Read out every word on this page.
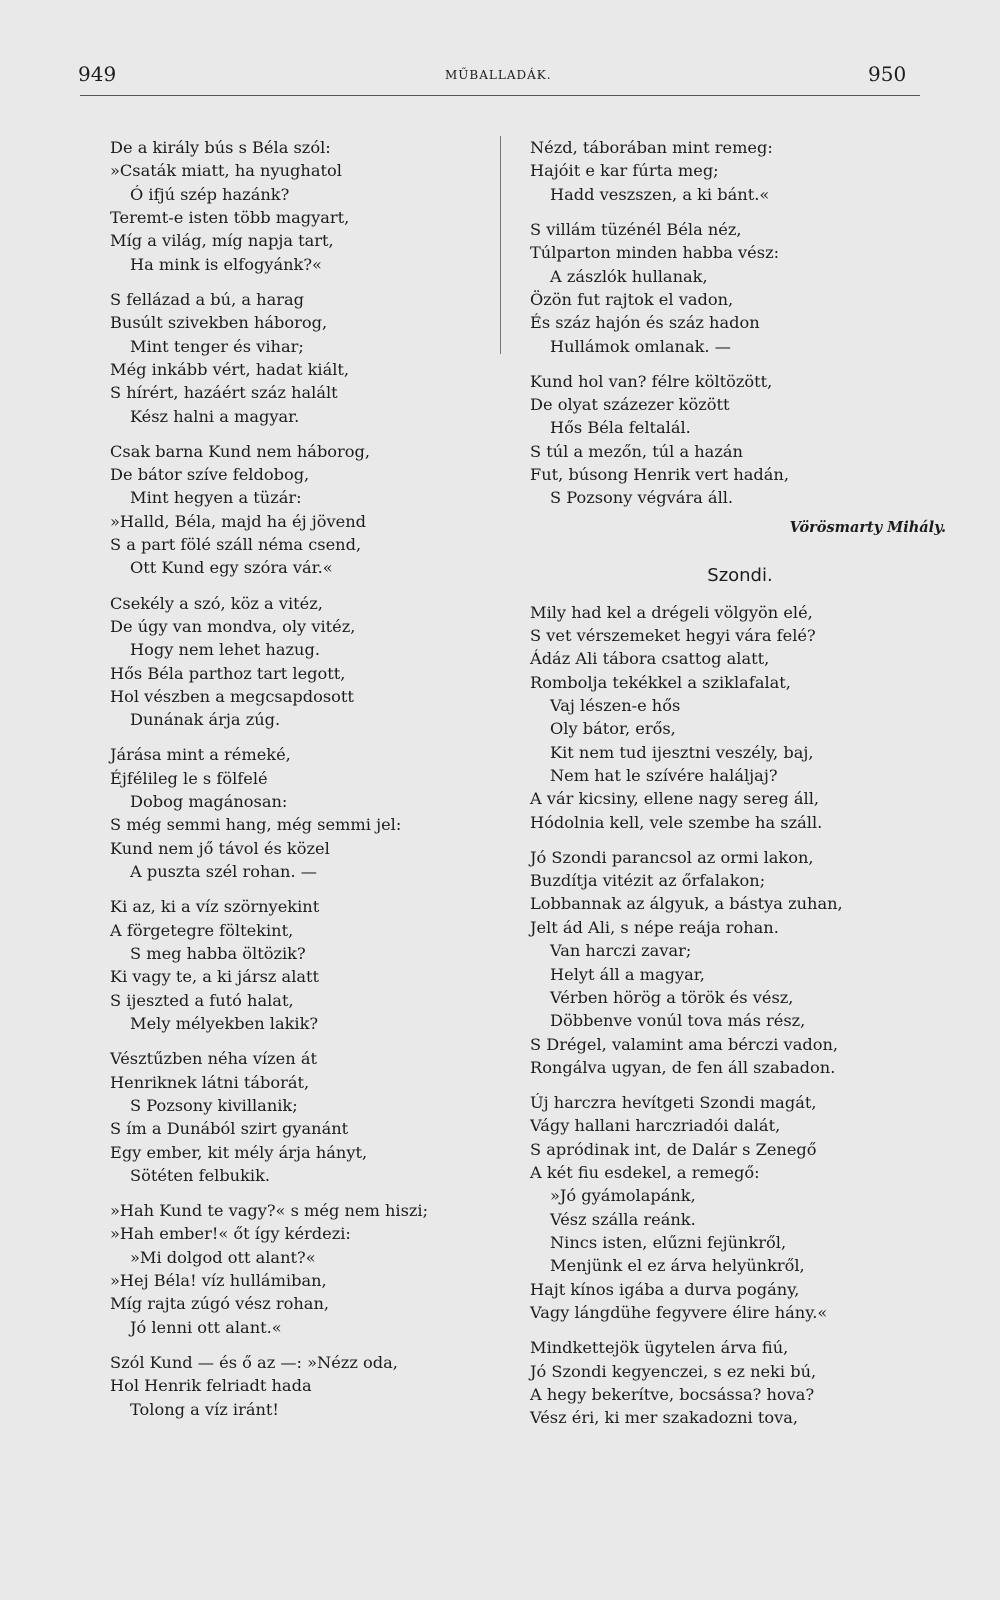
949	MŰBALLADÁK.	950
De a király bús s Béla szól:
»Csaták miatt, ha nyughatol
Ó ifjú szép hazánk?
Teremt-e isten több magyart,
Míg a világ, míg napja tart,
Ha mink is elfogyánk?«
S fellázad a bú, a harag
Busúlt szivekben háborog,
Mint tenger és vihar;
Még inkább vért, hadat kiált,
S hírért, hazáért száz halált
Kész halni a magyar.
Csak barna Kund nem háborog,
De bátor szíve feldobog,
Mint hegyen a tüzár:
»Halld, Béla, majd ha éj jövend
S a part fölé száll néma csend,
Ott Kund egy szóra vár.«
Csekély a szó, köz a vitéz,
De úgy van mondva, oly vitéz,
Hogy nem lehet hazug.
Hős Béla parthoz tart legott,
Hol vészben a megcsapdosott
Dunának árja zúg.
Járása mint a rémeké,
Éjfélileg le s fölfelé
Dobog magánosan:
S még semmi hang, még semmi jel:
Kund nem jő távol és közel
A puszta szél rohan. —
Ki az, ki a víz szörnyekint
A förgetegre föltekint,
S meg habba öltözik?
Ki vagy te, a ki jársz alatt
S ijeszted a futó halat,
Mely mélyekben lakik?
Vésztűzben néha vízen át
Henriknek látni táborát,
S Pozsony kivillanik;
S ím a Dunából szirt gyanánt
Egy ember, kit mély árja hányt,
Sötéten felbukik.
»Hah Kund te vagy?« s még nem hiszi;
»Hah ember!« őt így kérdezi:
»Mi dolgod ott alant?«
»Hej Béla! víz hullámiban,
Míg rajta zúgó vész rohan,
Jó lenni ott alant.«
Szól Kund — és ő az —: »Nézz oda,
Hol Henrik felriadt hada
Tolong a víz iránt!
Nézd, táborában mint remeg:
Hajóit e kar fúrta meg;
Hadd veszszen, a ki bánt.«
S villám tüzénél Béla néz,
Túlparton minden habba vész:
A zászlók hullanak,
Özön fut rajtok el vadon,
És száz hajón és száz hadon
Hullámok omlanak. —
Kund hol van? félre költözött,
De olyat százezer között
Hős Béla feltalál.
S túl a mezőn, túl a hazán
Fut, búsong Henrik vert hadán,
S Pozsony végvára áll.
Vörösmarty Mihály.
Szondi.
Mily had kel a drégeli völgyön elé,
S vet vérszemeket hegyi vára felé?
Ádáz Ali tábora csattog alatt,
Rombolja tekékkel a sziklafalat,
Vaj lészen-e hős
Oly bátor, erős,
Kit nem tud ijesztni veszély, baj,
Nem hat le szívére haláljaj?
A vár kicsiny, ellene nagy sereg áll,
Hódolnia kell, vele szembe ha száll.
Jó Szondi parancsol az ormi lakon,
Buzdítja vitézit az őrfalakon;
Lobbannak az álgyuk, a bástya zuhan,
Jelt ád Ali, s népe reája rohan.
Van harczi zavar;
Helyt áll a magyar,
Vérben hörög a török és vész,
Döbbenve vonúl tova más rész,
S Drégel, valamint ama bérczi vadon,
Rongálva ugyan, de fen áll szabadon.
Új harczra hevítgeti Szondi magát,
Vágy hallani harczriadói dalát,
S apródinak int, de Dalár s Zenegő
A két fiu esdekel, a remegő:
»Jó gyámolapánk,
Vész szálla reánk.
Nincs isten, elűzni fejünkről,
Menjünk el ez árva helyünkről,
Hajt kínos igába a durva pogány,
Vagy lángdühe fegyvere élire hány.«
Mindkettejök ügytelen árva fiú,
Jó Szondi kegyenczei, s ez neki bú,
A hegy bekerítve, bocsássa? hova?
Vész éri, ki mer szakadozni tova,
